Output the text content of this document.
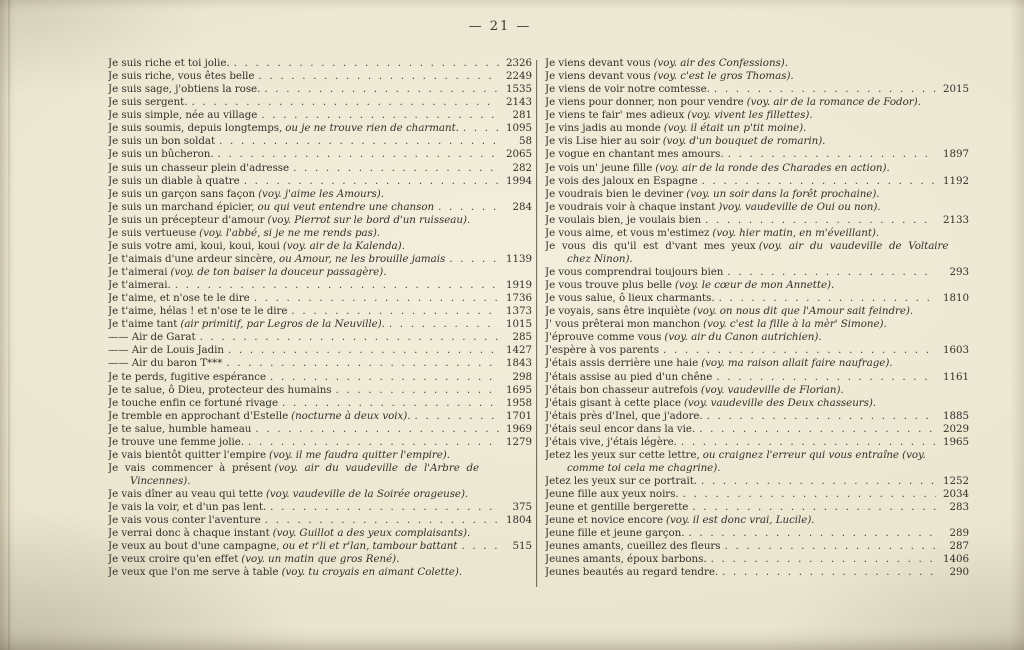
— 21 —
Je suis riche et toi jolie. . . .	2326
Je suis riche, vous êtes belle . . .	2249
Je suis sage, j'obtiens la rose. . . .	1535
Je suis sergent. . . .	2143
Je suis simple, née au village . . .	281
Je suis soumis, depuis longtemps, ou je ne trouve rien de charmant. . . .	1095
Je suis un bon soldat . . .	58
Je suis un bûcheron. . . .	2065
Je suis un chasseur plein d'adresse . . .	282
Je suis un diable à quatre . . .	1994
Je suis un garçon sans façon (voy. j'aime les Amours).
Je suis un marchand épicier, ou qui veut entendre une chanson . . .	284
Je suis un précepteur d'amour (voy. Pierrot sur le bord d'un ruisseau).
Je suis vertueuse (voy. l'abbé, si je ne me rends pas).
Je suis votre ami, koui, koui, koui (voy. air de la Kalenda).
Je t'aimais d'une ardeur sincère, ou Amour, ne les brouille jamais . . .	1139
Je t'aimerai (voy. de ton baiser la douceur passagère).
Je t'aimerai. . . .	1919
Je t'aime, et n'ose te le dire . . .	1736
Je t'aime, hélas ! et n'ose te le dire . . .	1373
Je t'aime tant (air primitif, par Legros de la Neuville). . . .	1015
—— Air de Garat . . .	285
—— Air de Louis Jadin . . .	1427
—— Air du baron T*** . . .	1843
Je te perds, fugitive espérance . . .	298
Je te salue, ô Dieu, protecteur des humains . . .	1695
Je touche enfin ce fortuné rivage . . .	1958
Je tremble en approchant d'Estelle (nocturne à deux voix). . . .	1701
Je te salue, humble hameau . . .	1969
Je trouve une femme jolie. . . .	1279
Je vais bientôt quitter l'empire (voy. il me faudra quitter l'empire).
Je vais commencer à présent (voy. air du vaudeville de l'Arbre de
Vincennes).
Je vais dîner au veau qui tette (voy. vaudeville de la Soirée orageuse).
Je vais la voir, et d'un pas lent. . . .	375
Je vais vous conter l'aventure . . .	1804
Je verrai donc à chaque instant (voy. Guillot a des yeux complaisants).
Je veux au bout d'une campagne, ou et r'li et r'lan, tambour battant . . .	515
Je veux croire qu'en effet (voy. un matin que gros René).
Je veux que l'on me serve à table (voy. tu croyais en aimant Colette).
Je viens devant vous (voy. air des Confessions).
Je viens devant vous (voy. c'est le gros Thomas).
Je viens de voir notre comtesse. . . .	2015
Je viens pour donner, non pour vendre (voy. air de la romance de Fodor).
Je viens te fair' mes adieux (voy. vivent les fillettes).
Je vins jadis au monde (voy. il était un p'tit moine).
Je vis Lise hier au soir (voy. d'un bouquet de romarin).
Je vogue en chantant mes amours. . . .	1897
Je vois un' jeune fille (voy. air de la ronde des Charades en action).
Je vois des jaloux en Espagne . . .	1192
Je voudrais bien le deviner (voy. un soir dans la forêt prochaine).
Je voudrais voir à chaque instant )voy. vaudeville de Oui ou non).
Je voulais bien, je voulais bien . . .	2133
Je vous aime, et vous m'estimez (voy. hier matin, en m'éveillant).
Je vous dis qu'il est d'vant mes yeux (voy. air du vaudeville de Voltaire
chez Ninon).
Je vous comprendrai toujours bien . . .	293
Je vous trouve plus belle (voy. le cœur de mon Annette).
Je vous salue, ô lieux charmants. . . .	1810
Je voyais, sans être inquiète (voy. on nous dit que l'Amour sait feindre).
J' vous prêterai mon manchon (voy. c'est la fille à la mèr' Simone).
J'éprouve comme vous (voy. air du Canon autrichien).
J'espère à vos parents . . .	1603
J'étais assis derrière une haie (voy. ma raison allait faire naufrage).
J'étais assise au pied d'un chêne . . .	1161
J'étais bon chasseur autrefois (voy. vaudeville de Florian).
J'étais gisant à cette place (voy. vaudeville des Deux chasseurs).
J'étais près d'Inel, que j'adore. . . .	1885
J'étais seul encor dans la vie. . . .	2029
J'étais vive, j'étais légère. . . .	1965
Jetez les yeux sur cette lettre, ou craignez l'erreur qui vous entraîne (voy.
comme toi cela me chagrine).
Jetez les yeux sur ce portrait. . . .	1252
Jeune fille aux yeux noirs. . . .	2034
Jeune et gentille bergerette . . .	283
Jeune et novice encore (voy. il est donc vrai, Lucile).
Jeune fille et jeune garçon. . . .	289
Jeunes amants, cueillez des fleurs . . .	287
Jeunes amants, époux barbons. . . .	1406
Jeunes beautés au regard tendre. . . .	290
